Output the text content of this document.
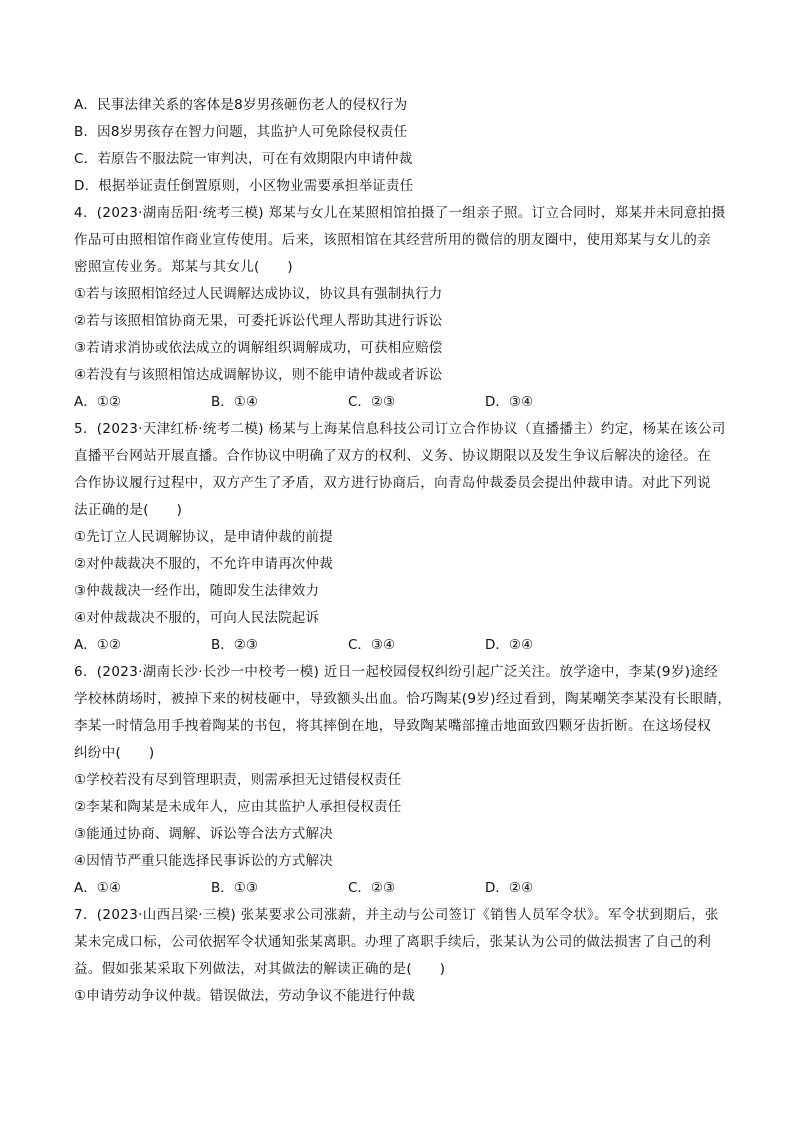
A．民事法律关系的客体是8岁男孩砸伤老人的侵权行为
B．因8岁男孩存在智力问题，其监护人可免除侵权责任
C．若原告不服法院一审判决，可在有效期限内申请仲裁
D．根据举证责任倒置原则，小区物业需要承担举证责任
4．(2023·湖南岳阳·统考三模) 郑某与女儿在某照相馆拍摄了一组亲子照。订立合同时，郑某并未同意拍摄
作品可由照相馆作商业宣传使用。后来，该照相馆在其经营所用的微信的朋友圈中，使用郑某与女儿的亲
密照宣传业务。郑某与其女儿(　　)
①若与该照相馆经过人民调解达成协议，协议具有强制执行力
②若与该照相馆协商无果，可委托诉讼代理人帮助其进行诉讼
③若请求消协或依法成立的调解组织调解成功，可获相应赔偿
④若没有与该照相馆达成调解协议，则不能申请仲裁或者诉讼
A．①②	B．①④	C．②③	D．③④
5．(2023·天津红桥·统考二模) 杨某与上海某信息科技公司订立合作协议（直播播主）约定，杨某在该公司
直播平台网站开展直播。合作协议中明确了双方的权利、义务、协议期限以及发生争议后解决的途径。在
合作协议履行过程中，双方产生了矛盾，双方进行协商后，向青岛仲裁委员会提出仲裁申请。对此下列说
法正确的是(　　)
①先订立人民调解协议，是申请仲裁的前提
②对仲裁裁决不服的，不允许申请再次仲裁
③仲裁裁决一经作出，随即发生法律效力
④对仲裁裁决不服的，可向人民法院起诉
A．①②	B．②③	C．③④	D．②④
6．(2023·湖南长沙·长沙一中校考一模) 近日一起校园侵权纠纷引起广泛关注。放学途中，李某(9岁)途经
学校林荫场时，被掉下来的树枝砸中，导致额头出血。恰巧陶某(9岁)经过看到，陶某嘲笑李某没有长眼睛，
李某一时情急用手拽着陶某的书包，将其摔倒在地，导致陶某嘴部撞击地面致四颗牙齿折断。在这场侵权
纠纷中(　　)
①学校若没有尽到管理职责，则需承担无过错侵权责任
②李某和陶某是未成年人，应由其监护人承担侵权责任
③能通过协商、调解、诉讼等合法方式解决
④因情节严重只能选择民事诉讼的方式解决
A．①④	B．①③	C．②③	D．②④
7．(2023·山西吕梁·三模) 张某要求公司涨薪，并主动与公司签订《销售人员军令状》。军令状到期后，张
某未完成口标，公司依据军令状通知张某离职。办理了离职手续后，张某认为公司的做法损害了自己的利
益。假如张某采取下列做法，对其做法的解读正确的是(　　)
①申请劳动争议仲裁。错误做法，劳动争议不能进行仲裁
